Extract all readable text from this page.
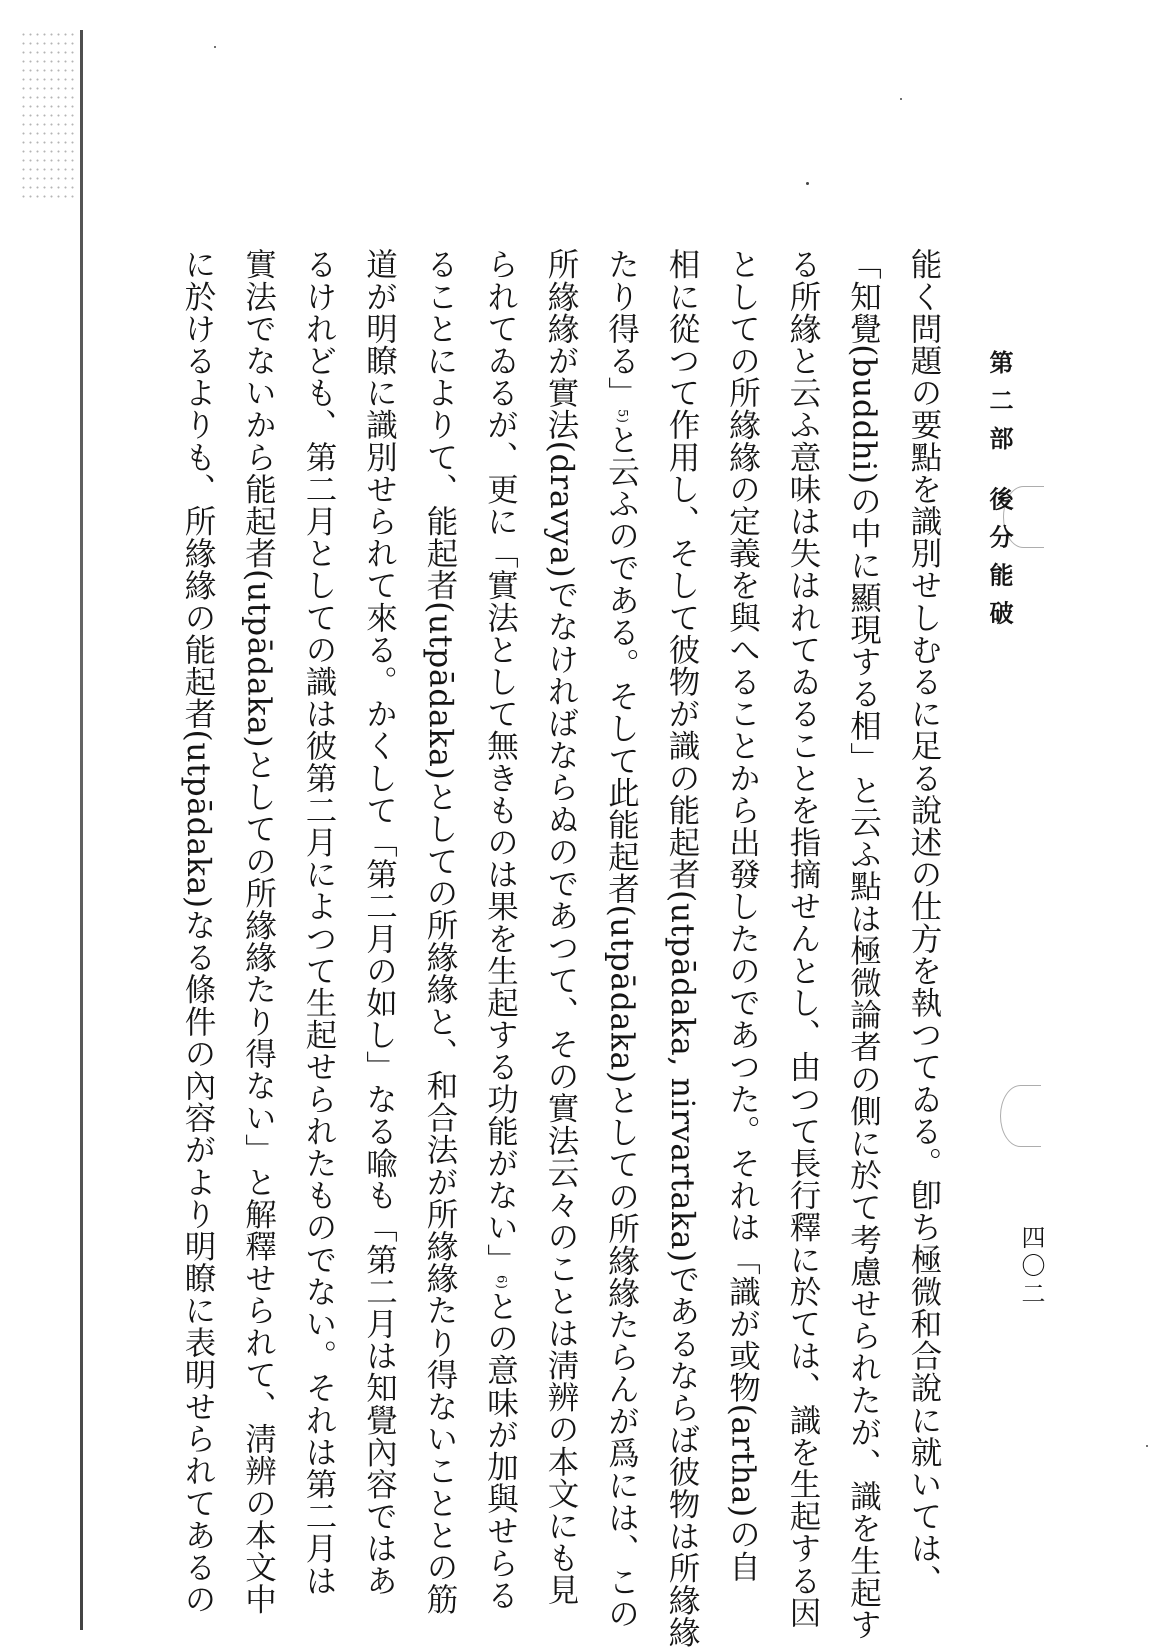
第二部 後分能破
四〇二
能く問題の要點を識別せしむるに足る說述の仕方を執つてゐる。卽ち極微和合說に就いては、
「知覺(buddhi)の中に顯現する相」と云ふ點は極微論者の側に於て考慮せられたが、識を生起す
る所緣と云ふ意味は失はれてゐることを指摘せんとし、由つて長行釋に於ては、識を生起する因
としての所緣緣の定義を與へることから出發したのであつた。それは「識が或物(artha)の自
相に從つて作用し、そして彼物が識の能起者(utpādaka, nirvartaka)であるならば彼物は所緣緣
たり得る」5)と云ふのである。そして此能起者(utpādaka)としての所緣緣たらんが爲には、この
所緣緣が實法(dravya)でなければならぬのであつて、その實法云々のことは淸辨の本文にも見
られてゐるが、更に「實法として無きものは果を生起する功能がない」6)との意味が加與せらる
ることによりて、能起者(utpādaka)としての所緣緣と、和合法が所緣緣たり得ないこととの筋
道が明瞭に識別せられて來る。かくして「第二月の如し」なる喩も「第二月は知覺內容ではあ
るけれども、第二月としての識は彼第二月によつて生起せられたものでない。それは第二月は
實法でないから能起者(utpādaka)としての所緣緣たり得ない」と解釋せられて、淸辨の本文中
に於けるよりも、所緣緣の能起者(utpādaka)なる條件の內容がより明瞭に表明せられてあるの
